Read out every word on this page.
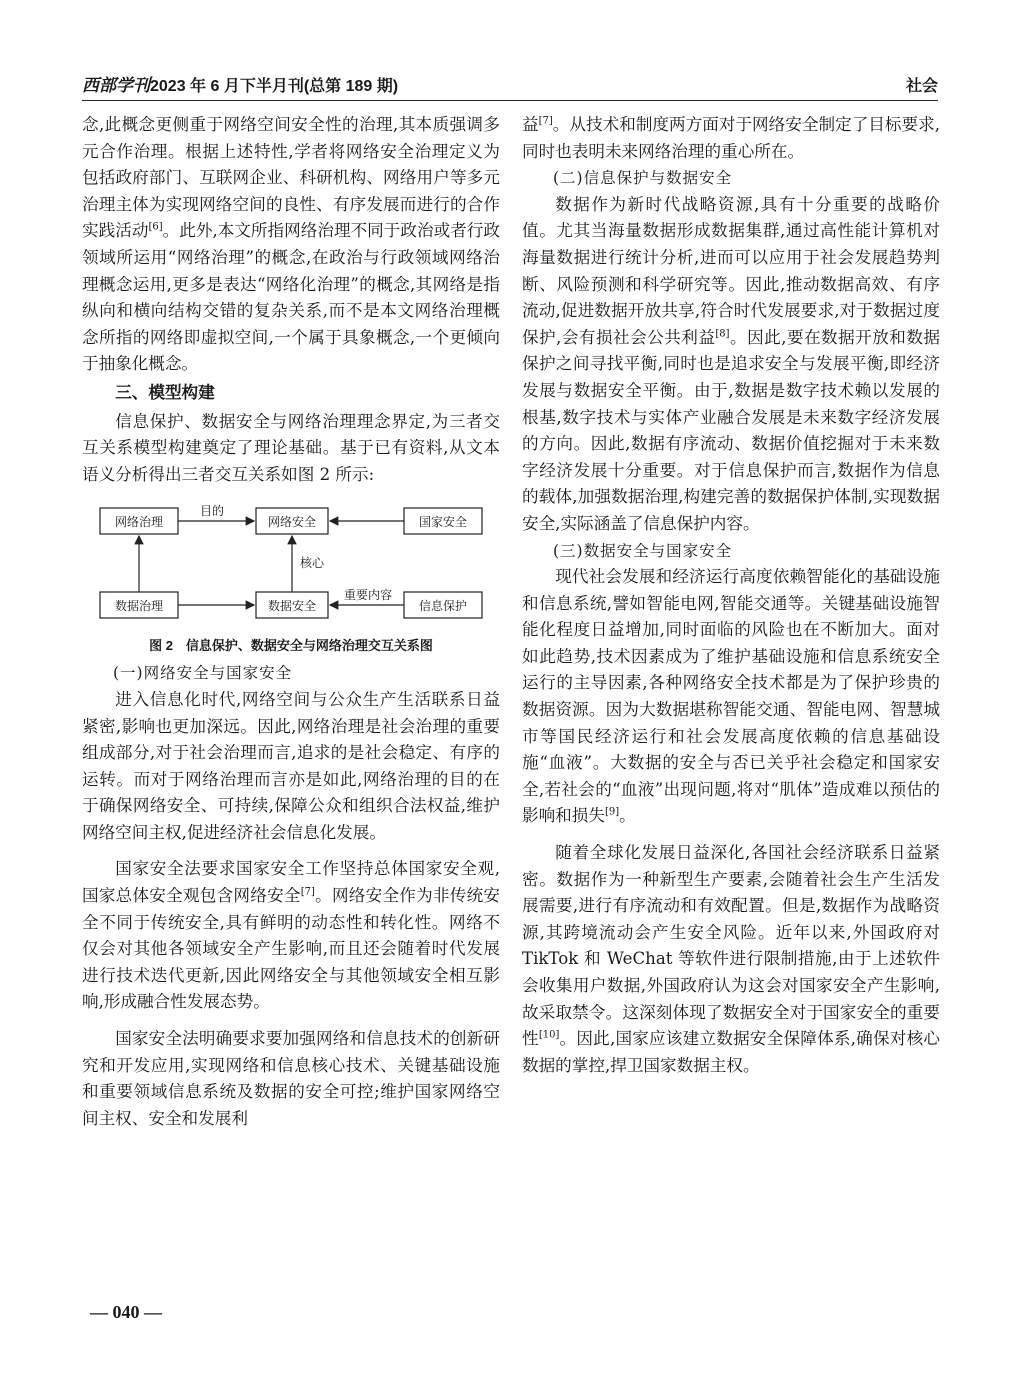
西部学刊2023 年 6 月下半月刊(总第 189 期)	社会

念,此概念更侧重于网络空间安全性的治理,其本质强调多元合作治理。根据上述特性,学者将网络安全治理定义为包括政府部门、互联网企业、科研机构、网络用户等多元治理主体为实现网络空间的良性、有序发展而进行的合作实践活动[6]。此外,本文所指网络治理不同于政治或者行政领域所运用“网络治理”的概念,在政治与行政领域网络治理概念运用,更多是表达“网络化治理”的概念,其网络是指纵向和横向结构交错的复杂关系,而不是本文网络治理概念所指的网络即虚拟空间,一个属于具象概念,一个更倾向于抽象化概念。

三、模型构建

信息保护、数据安全与网络治理理念界定,为三者交互关系模型构建奠定了理论基础。基于已有资料,从文本语义分析得出三者交互关系如图 2 所示:

网络治理	网络安全	国家安全
数据治理	数据安全	信息保护
目的
核心
重要内容
图 2　信息保护、数据安全与网络治理交互关系图
(一)网络安全与国家安全

进入信息化时代,网络空间与公众生产生活联系日益紧密,影响也更加深远。因此,网络治理是社会治理的重要组成部分,对于社会治理而言,追求的是社会稳定、有序的运转。而对于网络治理而言亦是如此,网络治理的目的在于确保网络安全、可持续,保障公众和组织合法权益,维护网络空间主权,促进经济社会信息化发展。

国家安全法要求国家安全工作坚持总体国家安全观,国家总体安全观包含网络安全[7]。网络安全作为非传统安全不同于传统安全,具有鲜明的动态性和转化性。网络不仅会对其他各领域安全产生影响,而且还会随着时代发展进行技术迭代更新,因此网络安全与其他领域安全相互影响,形成融合性发展态势。

国家安全法明确要求要加强网络和信息技术的创新研究和开发应用,实现网络和信息核心技术、关键基础设施和重要领域信息系统及数据的安全可控;维护国家网络空间主权、安全和发展利

益[7]。从技术和制度两方面对于网络安全制定了目标要求,同时也表明未来网络治理的重心所在。

(二)信息保护与数据安全

数据作为新时代战略资源,具有十分重要的战略价值。尤其当海量数据形成数据集群,通过高性能计算机对海量数据进行统计分析,进而可以应用于社会发展趋势判断、风险预测和科学研究等。因此,推动数据高效、有序流动,促进数据开放共享,符合时代发展要求,对于数据过度保护,会有损社会公共利益[8]。因此,要在数据开放和数据保护之间寻找平衡,同时也是追求安全与发展平衡,即经济发展与数据安全平衡。由于,数据是数字技术赖以发展的根基,数字技术与实体产业融合发展是未来数字经济发展的方向。因此,数据有序流动、数据价值挖掘对于未来数字经济发展十分重要。对于信息保护而言,数据作为信息的载体,加强数据治理,构建完善的数据保护体制,实现数据安全,实际涵盖了信息保护内容。

(三)数据安全与国家安全

现代社会发展和经济运行高度依赖智能化的基础设施和信息系统,譬如智能电网,智能交通等。关键基础设施智能化程度日益增加,同时面临的风险也在不断加大。面对如此趋势,技术因素成为了维护基础设施和信息系统安全运行的主导因素,各种网络安全技术都是为了保护珍贵的数据资源。因为大数据堪称智能交通、智能电网、智慧城市等国民经济运行和社会发展高度依赖的信息基础设施“血液”。大数据的安全与否已关乎社会稳定和国家安全,若社会的“血液”出现问题,将对“肌体”造成难以预估的影响和损失[9]。

随着全球化发展日益深化,各国社会经济联系日益紧密。数据作为一种新型生产要素,会随着社会生产生活发展需要,进行有序流动和有效配置。但是,数据作为战略资源,其跨境流动会产生安全风险。近年以来,外国政府对 TikTok 和 WeChat 等软件进行限制措施,由于上述软件会收集用户数据,外国政府认为这会对国家安全产生影响,故采取禁令。这深刻体现了数据安全对于国家安全的重要性[10]。因此,国家应该建立数据安全保障体系,确保对核心数据的掌控,捍卫国家数据主权。

— 040 —
